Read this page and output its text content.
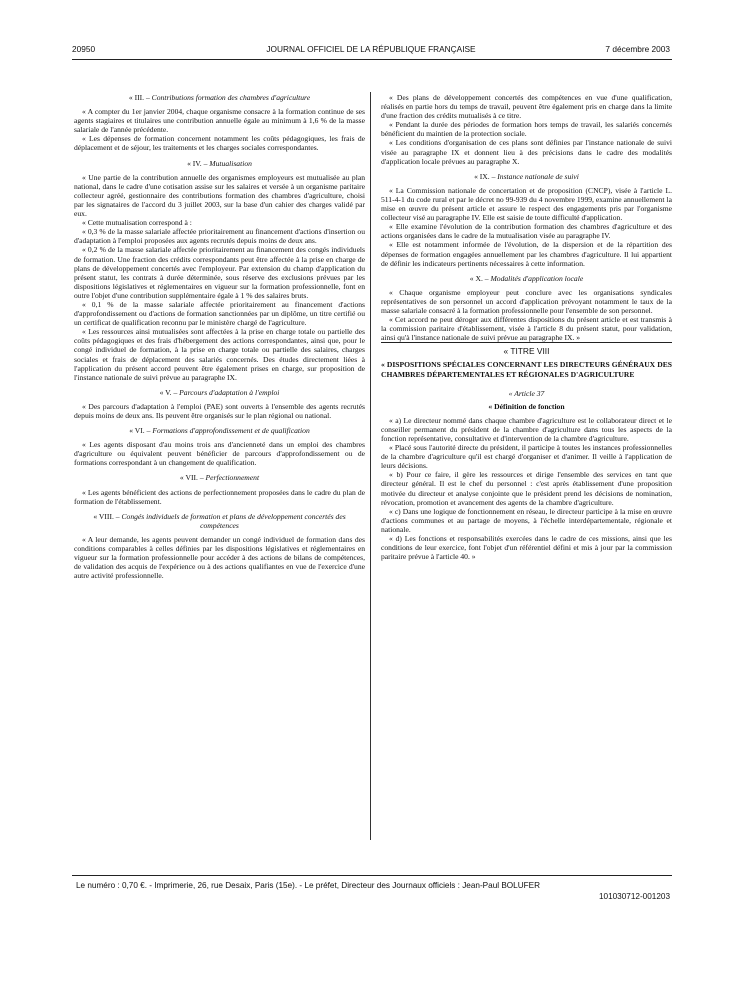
20950	JOURNAL OFFICIEL DE LA RÉPUBLIQUE FRANÇAISE	7 décembre 2003
« III. – Contributions formation des chambres d'agriculture

« A compter du 1er janvier 2004, chaque organisme consacre à la formation continue de ses agents stagiaires et titulaires une contribution annuelle égale au minimum à 1,6 % de la masse salariale de l'année précédente.

« Les dépenses de formation concernent notamment les coûts pédagogiques, les frais de déplacement et de séjour, les traitements et les charges sociales correspondantes.

« IV. – Mutualisation

« Une partie de la contribution annuelle des organismes employeurs est mutualisée au plan national, dans le cadre d'une cotisation assise sur les salaires et versée à un organisme paritaire collecteur agréé, gestionnaire des contributions formation des chambres d'agriculture, choisi par les signataires de l'accord du 3 juillet 2003, sur la base d'un cahier des charges validé par eux.

« Cette mutualisation correspond à :

« 0,3 % de la masse salariale affectée prioritairement au financement d'actions d'insertion ou d'adaptation à l'emploi proposées aux agents recrutés depuis moins de deux ans.

« 0,2 % de la masse salariale affectée prioritairement au financement des congés individuels de formation. Une fraction des crédits correspondants peut être affectée à la prise en charge de plans de développement concertés avec l'employeur. Par extension du champ d'application du présent statut, les contrats à durée déterminée, sous réserve des exclusions prévues par les dispositions législatives et réglementaires en vigueur sur la formation professionnelle, font en outre l'objet d'une contribution supplémentaire égale à 1 % des salaires bruts.

« 0,1 % de la masse salariale affectée prioritairement au financement d'actions d'approfondissement ou d'actions de formation sanctionnées par un diplôme, un titre certifié ou un certificat de qualification reconnu par le ministère chargé de l'agriculture.

« Les ressources ainsi mutualisées sont affectées à la prise en charge totale ou partielle des coûts pédagogiques et des frais d'hébergement des actions correspondantes, ainsi que, pour le congé individuel de formation, à la prise en charge totale ou partielle des salaires, charges sociales et frais de déplacement des salariés concernés. Des études directement liées à l'application du présent accord peuvent être également prises en charge, sur proposition de l'instance nationale de suivi prévue au paragraphe IX.

« V. – Parcours d'adaptation à l'emploi

« Des parcours d'adaptation à l'emploi (PAE) sont ouverts à l'ensemble des agents recrutés depuis moins de deux ans. Ils peuvent être organisés sur le plan régional ou national.

« VI. – Formations d'approfondissement et de qualification

« Les agents disposant d'au moins trois ans d'ancienneté dans un emploi des chambres d'agriculture ou équivalent peuvent bénéficier de parcours d'approfondissement ou de formations correspondant à un changement de qualification.

« VII. – Perfectionnement

« Les agents bénéficient des actions de perfectionnement proposées dans le cadre du plan de formation de l'établissement.

« VIII. – Congés individuels de formation et plans de développement concertés des compétences

« A leur demande, les agents peuvent demander un congé individuel de formation dans des conditions comparables à celles définies par les dispositions législatives et réglementaires en vigueur sur la formation professionnelle pour accéder à des actions de bilans de compétences, de validation des acquis de l'expérience ou à des actions qualifiantes en vue de l'exercice d'une autre activité professionnelle.

« Des plans de développement concertés des compétences en vue d'une qualification, réalisés en partie hors du temps de travail, peuvent être également pris en charge dans la limite d'une fraction des crédits mutualisés à ce titre.

« Pendant la durée des périodes de formation hors temps de travail, les salariés concernés bénéficient du maintien de la protection sociale.

« Les conditions d'organisation de ces plans sont définies par l'instance nationale de suivi visée au paragraphe IX et donnent lieu à des précisions dans le cadre des modalités d'application locale prévues au paragraphe X.

« IX. – Instance nationale de suivi

« La Commission nationale de concertation et de proposition (CNCP), visée à l'article L. 511-4-1 du code rural et par le décret no 99-939 du 4 novembre 1999, examine annuellement la mise en œuvre du présent article et assure le respect des engagements pris par l'organisme collecteur visé au paragraphe IV. Elle est saisie de toute difficulté d'application.

« Elle examine l'évolution de la contribution formation des chambres d'agriculture et des actions organisées dans le cadre de la mutualisation visée au paragraphe IV.

« Elle est notamment informée de l'évolution, de la dispersion et de la répartition des dépenses de formation engagées annuellement par les chambres d'agriculture. Il lui appartient de définir les indicateurs pertinents nécessaires à cette information.

« X. – Modalités d'application locale

« Chaque organisme employeur peut conclure avec les organisations syndicales représentatives de son personnel un accord d'application prévoyant notamment le taux de la masse salariale consacré à la formation professionnelle pour l'ensemble de son personnel.

« Cet accord ne peut déroger aux différentes dispositions du présent article et est transmis à la commission paritaire d'établissement, visée à l'article 8 du présent statut, pour validation, ainsi qu'à l'instance nationale de suivi prévue au paragraphe IX. »

« TITRE VIII
« DISPOSITIONS SPÉCIALES CONCERNANT LES DIRECTEURS GÉNÉRAUX DES CHAMBRES DÉPARTEMENTALES ET RÉGIONALES D'AGRICULTURE
« Article 37
« Définition de fonction

« a) Le directeur nommé dans chaque chambre d'agriculture est le collaborateur direct et le conseiller permanent du président de la chambre d'agriculture dans tous les aspects de la fonction représentative, consultative et d'intervention de la chambre d'agriculture.

« Placé sous l'autorité directe du président, il participe à toutes les instances professionnelles de la chambre d'agriculture qu'il est chargé d'organiser et d'animer. Il veille à l'application de leurs décisions.

« b) Pour ce faire, il gère les ressources et dirige l'ensemble des services en tant que directeur général. Il est le chef du personnel : c'est après établissement d'une proposition motivée du directeur et analyse conjointe que le président prend les décisions de nomination, révocation, promotion et avancement des agents de la chambre d'agriculture.

« c) Dans une logique de fonctionnement en réseau, le directeur participe à la mise en œuvre d'actions communes et au partage de moyens, à l'échelle interdépartementale, régionale et nationale.

« d) Les fonctions et responsabilités exercées dans le cadre de ces missions, ainsi que les conditions de leur exercice, font l'objet d'un référentiel défini et mis à jour par la commission paritaire prévue à l'article 40. »

Le numéro : 0,70 €. - Imprimerie, 26, rue Desaix, Paris (15e). - Le préfet, Directeur des Journaux officiels : Jean-Paul BOLUFER
101030712-001203
